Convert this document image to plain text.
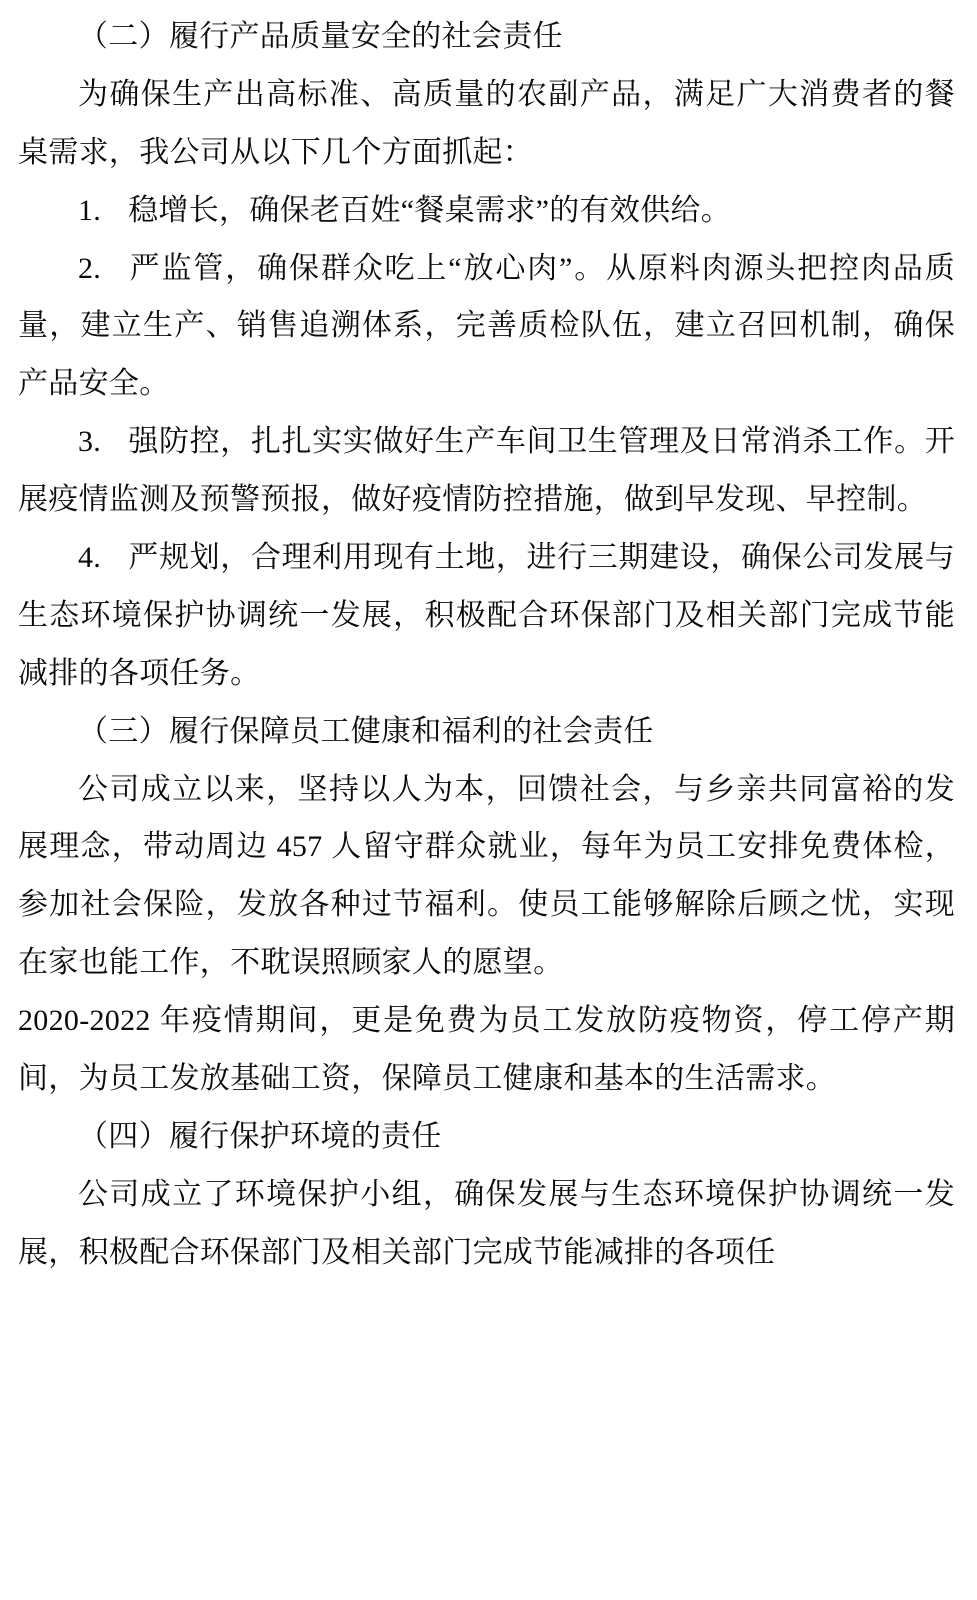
（二）履行产品质量安全的社会责任

为确保生产出高标准、高质量的农副产品，满足广大消费者的餐桌需求，我公司从以下几个方面抓起：

1. 稳增长，确保老百姓“餐桌需求”的有效供给。

2. 严监管，确保群众吃上“放心肉”。从原料肉源头把控肉品质量，建立生产、销售追溯体系，完善质检队伍，建立召回机制，确保产品安全。

3. 强防控，扎扎实实做好生产车间卫生管理及日常消杀工作。开展疫情监测及预警预报，做好疫情防控措施，做到早发现、早控制。

4. 严规划，合理利用现有土地，进行三期建设，确保公司发展与生态环境保护协调统一发展，积极配合环保部门及相关部门完成节能减排的各项任务。

（三）履行保障员工健康和福利的社会责任

公司成立以来，坚持以人为本，回馈社会，与乡亲共同富裕的发展理念，带动周边 457 人留守群众就业，每年为员工安排免费体检，参加社会保险，发放各种过节福利。使员工能够解除后顾之忧，实现在家也能工作，不耽误照顾家人的愿望。

2020-2022 年疫情期间，更是免费为员工发放防疫物资，停工停产期间，为员工发放基础工资，保障员工健康和基本的生活需求。

（四）履行保护环境的责任

公司成立了环境保护小组，确保发展与生态环境保护协调统一发展，积极配合环保部门及相关部门完成节能减排的各项任
